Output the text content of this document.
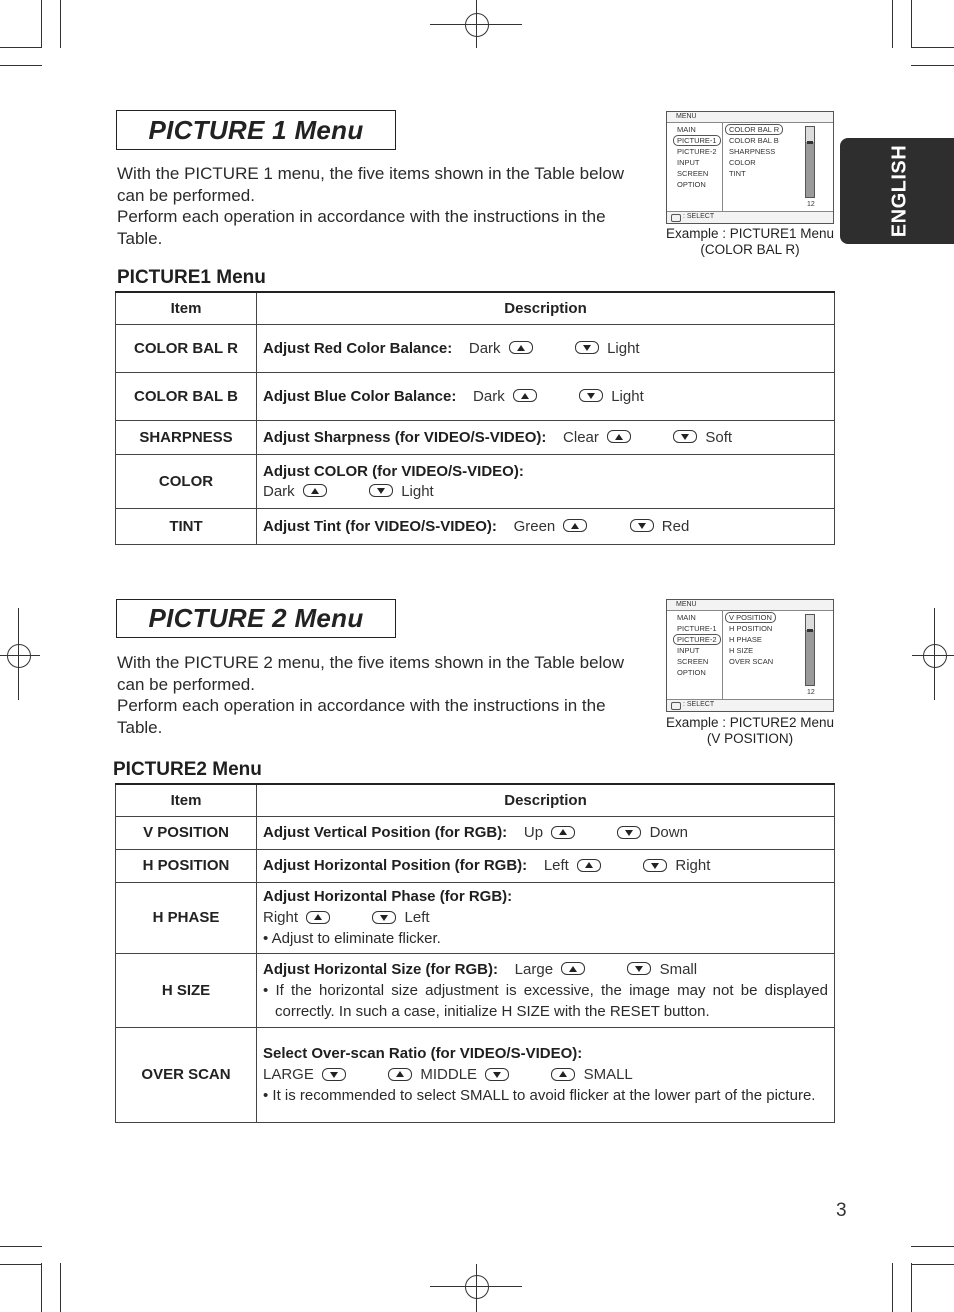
ENGLISH
PICTURE 1 Menu
With the PICTURE 1 menu, the five items shown in the Table below can be performed.
Perform each operation in accordance with the instructions in the Table.
MENU
MAIN
PICTURE-1
PICTURE-2
INPUT
SCREEN
OPTION
COLOR BAL R
COLOR BAL B
SHARPNESS
COLOR
TINT
12
: SELECT
Example : PICTURE1 Menu
(COLOR BAL R)
PICTURE1 Menu
Item	Description
COLOR BAL R	Adjust Red Color Balance: Dark Light
COLOR BAL B	Adjust Blue Color Balance: Dark Light
SHARPNESS	Adjust Sharpness (for VIDEO/S-VIDEO): Clear Soft
COLOR	Adjust COLOR (for VIDEO/S-VIDEO):
Dark Light

TINT	Adjust Tint (for VIDEO/S-VIDEO): Green Red
PICTURE 2 Menu
With the PICTURE 2 menu, the five items shown in the Table below can be performed.
Perform each operation in accordance with the instructions in the Table.
MENU
MAIN
PICTURE-1
PICTURE-2
INPUT
SCREEN
OPTION
V POSITION
H POSITION
H PHASE
H SIZE
OVER SCAN
12
: SELECT
Example : PICTURE2 Menu
(V POSITION)
PICTURE2 Menu
Item	Description
V POSITION	Adjust Vertical Position (for RGB): Up Down
H POSITION	Adjust Horizontal Position (for RGB): Left Right
H PHASE	Adjust Horizontal Phase (for RGB):
Right Left
• Adjust to eliminate flicker.

H SIZE	Adjust Horizontal Size (for RGB): Large Small
• If the horizontal size adjustment is excessive, the image may not be displayed correctly. In such a case, initialize H SIZE with the RESET button.

OVER SCAN	Select Over-scan Ratio (for VIDEO/S-VIDEO):
LARGE MIDDLE SMALL
• It is recommended to select SMALL to avoid flicker at the lower part of the picture.
3
